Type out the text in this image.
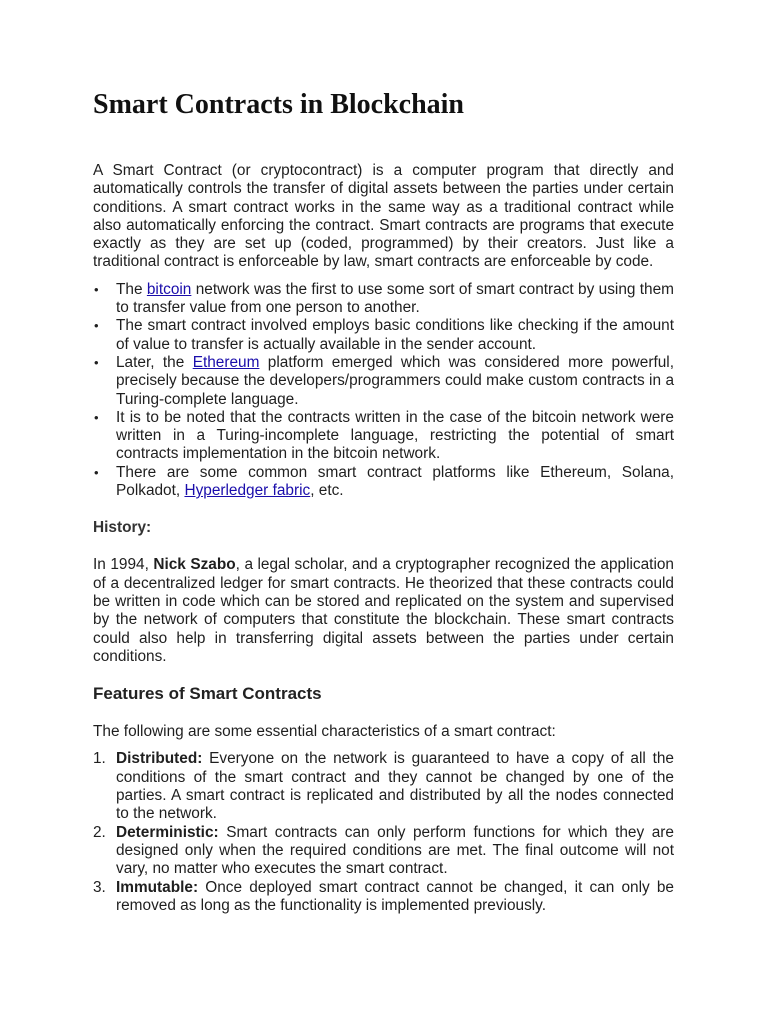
Smart Contracts in Blockchain

A Smart Contract (or cryptocontract) is a computer program that directly and automatically controls the transfer of digital assets between the parties under certain conditions. A smart contract works in the same way as a traditional contract while also automatically enforcing the contract. Smart contracts are programs that execute exactly as they are set up (coded, programmed) by their creators. Just like a traditional contract is enforceable by law, smart contracts are enforceable by code.

• The bitcoin network was the first to use some sort of smart contract by using them to transfer value from one person to another.
• The smart contract involved employs basic conditions like checking if the amount of value to transfer is actually available in the sender account.
• Later, the Ethereum platform emerged which was considered more powerful, precisely because the developers/programmers could make custom contracts in a Turing-complete language.
• It is to be noted that the contracts written in the case of the bitcoin network were written in a Turing-incomplete language, restricting the potential of smart contracts implementation in the bitcoin network.
• There are some common smart contract platforms like Ethereum, Solana, Polkadot, Hyperledger fabric, etc.
History:

In 1994, Nick Szabo, a legal scholar, and a cryptographer recognized the application of a decentralized ledger for smart contracts. He theorized that these contracts could be written in code which can be stored and replicated on the system and supervised by the network of computers that constitute the blockchain. These smart contracts could also help in transferring digital assets between the parties under certain conditions.

Features of Smart Contracts

The following are some essential characteristics of a smart contract:

1. Distributed: Everyone on the network is guaranteed to have a copy of all the conditions of the smart contract and they cannot be changed by one of the parties. A smart contract is replicated and distributed by all the nodes connected to the network.
2. Deterministic: Smart contracts can only perform functions for which they are designed only when the required conditions are met. The final outcome will not vary, no matter who executes the smart contract.
3. Immutable: Once deployed smart contract cannot be changed, it can only be removed as long as the functionality is implemented previously.
